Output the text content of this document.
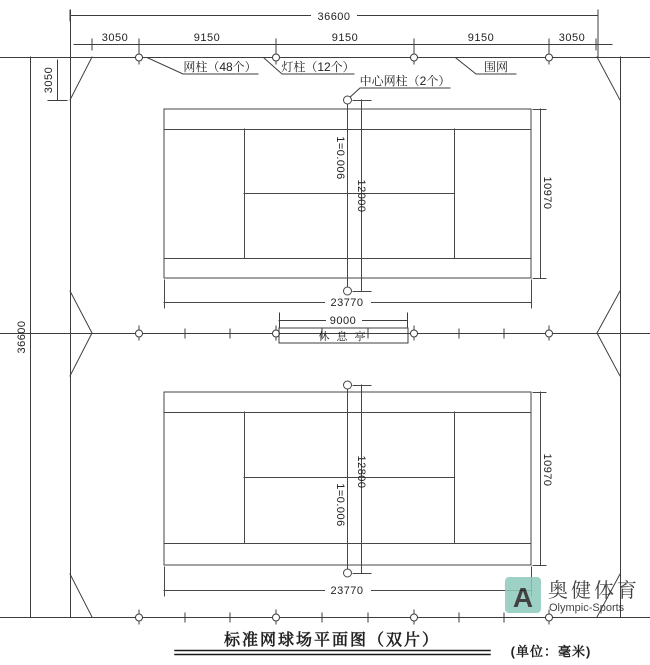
36600
3050	9150	9150	9150	3050
36600
3050	网柱（48个） 灯柱（12个）
中心网柱（2个）
围网
12000
1=0.006
10970
23770
9000
休 息 亭
12800
1=0.006
10970
23770	A 奥健体育
Olympic-Sports
标准网球场平面图（双片）
(单位：毫米)
